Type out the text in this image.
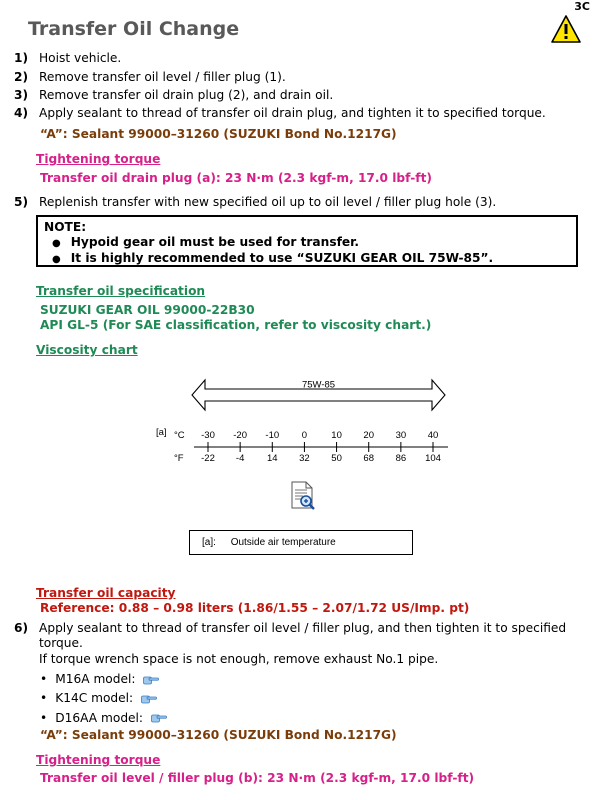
Transfer Oil Change
3C
1) Hoist vehicle.
2) Remove transfer oil level / filler plug (1).
3) Remove transfer oil drain plug (2), and drain oil.
4) Apply sealant to thread of transfer oil drain plug, and tighten it to specified torque.
“A”: Sealant 99000–31260 (SUZUKI Bond No.1217G)
Tightening torque
Transfer oil drain plug (a): 23 N·m (2.3 kgf-m, 17.0 lbf-ft)
5) Replenish transfer with new specified oil up to oil level / filler plug hole (3).
NOTE:
● Hypoid gear oil must be used for transfer.
● It is highly recommended to use “SUZUKI GEAR OIL 75W-85”.
Transfer oil specification
SUZUKI GEAR OIL 99000-22B30
API GL-5 (For SAE classification, refer to viscosity chart.)
Viscosity chart
75W-85
[a] °C
°F
-30
-22
-20
-4
-10
14
0
32
10
50
20
68
30
86
40
104
[a]: Outside air temperature
Transfer oil capacity
Reference: 0.88 – 0.98 liters (1.86/1.55 – 2.07/1.72 US/Imp. pt)
6) Apply sealant to thread of transfer oil level / filler plug, and then tighten it to specified torque.
If torque wrench space is not enough, remove exhaust No.1 pipe.
• M16A model:
• K14C model:
• D16AA model:
“A”: Sealant 99000–31260 (SUZUKI Bond No.1217G)
Tightening torque
Transfer oil level / filler plug (b): 23 N·m (2.3 kgf-m, 17.0 lbf-ft)
